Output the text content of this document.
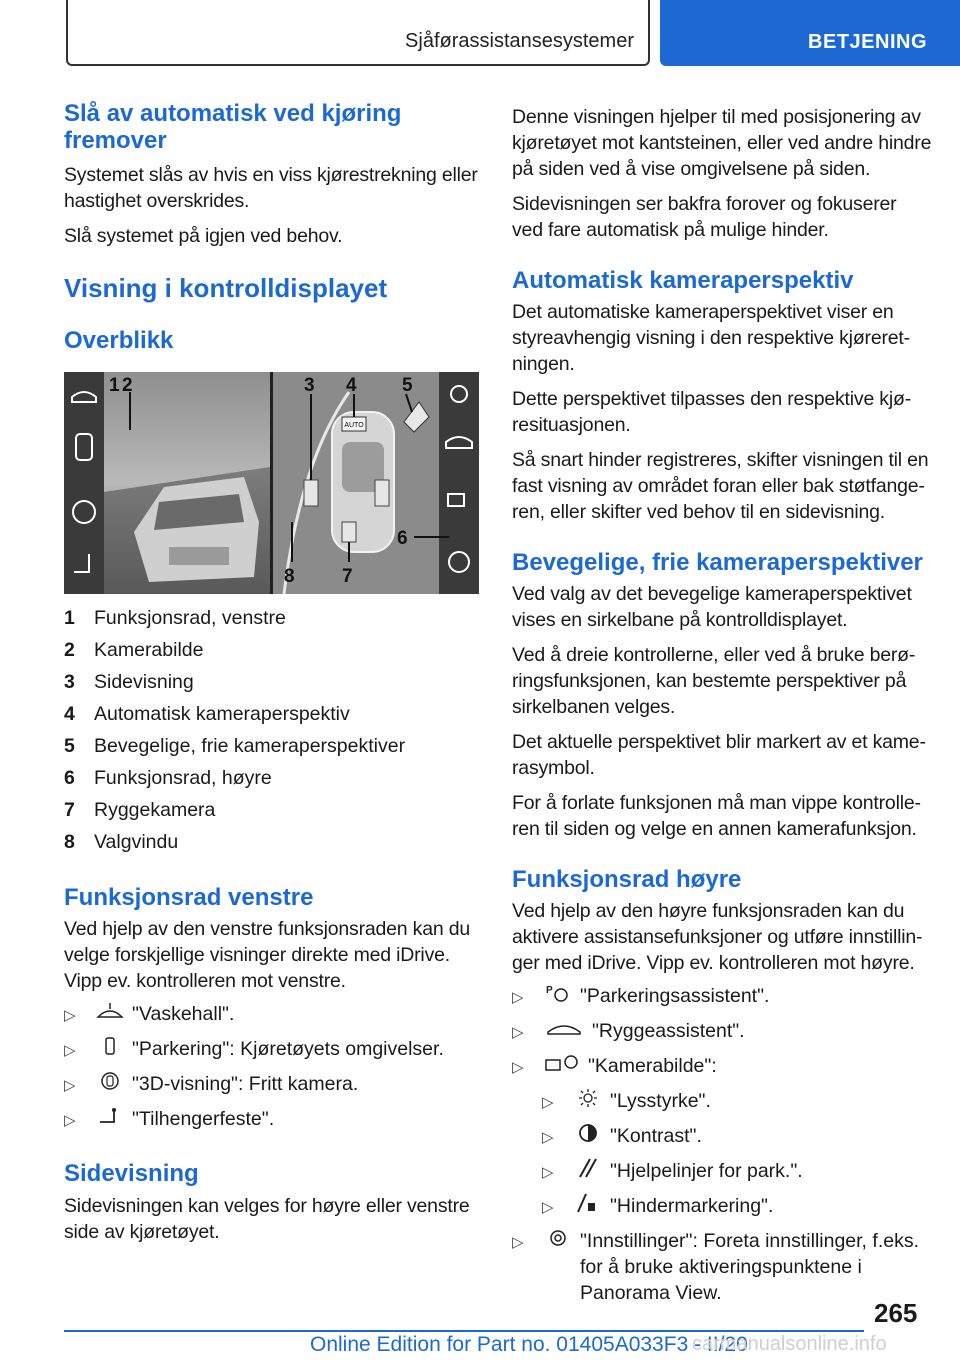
Sjåførassistansesystemer	BETJENING
Slå av automatisk ved kjøring fremover

Systemet slås av hvis en viss kjørestrekning eller hastighet overskrides.

Slå systemet på igjen ved behov.

Visning i kontrolldisplayet
Overblikk
AUTO
1 2	3 4 5
6
7
8
1 Funksjonsrad, venstre
2 Kamerabilde
3 Sidevisning
4 Automatisk kameraperspektiv
5 Bevegelige, frie kameraperspektiver
6 Funksjonsrad, høyre
7 Ryggekamera
8 Valgvindu
Funksjonsrad venstre

Ved hjelp av den venstre funksjonsraden kan du velge forskjellige visninger direkte med iDrive. Vipp ev. kontrolleren mot venstre.

▷	"Vaskehall".
▷	"Parkering": Kjøretøyets omgivelser.
▷	"3D-visning": Fritt kamera.
▷	"Tilhengerfeste".
Sidevisning

Sidevisningen kan velges for høyre eller venstre side av kjøretøyet.

Denne visningen hjelper til med posisjonering av kjøretøyet mot kantsteinen, eller ved andre hindre på siden ved å vise omgivelsene på siden.

Sidevisningen ser bakfra forover og fokuserer ved fare automatisk på mulige hinder.

Automatisk kameraperspektiv

Det automatiske kameraperspektivet viser en styreavhengig visning i den respektive kjøreretningen.

Dette perspektivet tilpasses den respektive kjøresituasjonen.

Så snart hinder registreres, skifter visningen til en fast visning av området foran eller bak støtfangeren, eller skifter ved behov til en sidevisning.

Bevegelige, frie kameraperspektiver

Ved valg av det bevegelige kameraperspektivet vises en sirkelbane på kontrolldisplayet.

Ved å dreie kontrollerne, eller ved å bruke berøringsfunksjonen, kan bestemte perspektiver på sirkelbanen velges.

Det aktuelle perspektivet blir markert av et kamerasymbol.

For å forlate funksjonen må man vippe kontrolleren til siden og velge en annen kamerafunksjon.

Funksjonsrad høyre

Ved hjelp av den høyre funksjonsraden kan du aktivere assistansefunksjoner og utføre innstillinger med iDrive. Vipp ev. kontrolleren mot høyre.

▷	P "Parkeringsassistent".
▷	"Ryggeassistent".
▷	"Kamerabilde":
▷	"Lysstyrke".
▷	"Kontrast".
▷	"Hjelpelinjer for park.".
▷	"Hindermarkering".
▷	"Innstillinger": Foreta innstillinger, f.eks. for å bruke aktiveringspunktene i Panorama View.
265
Online Edition for Part no. 01405A033F3 - II/20
carmanualsonline.info
